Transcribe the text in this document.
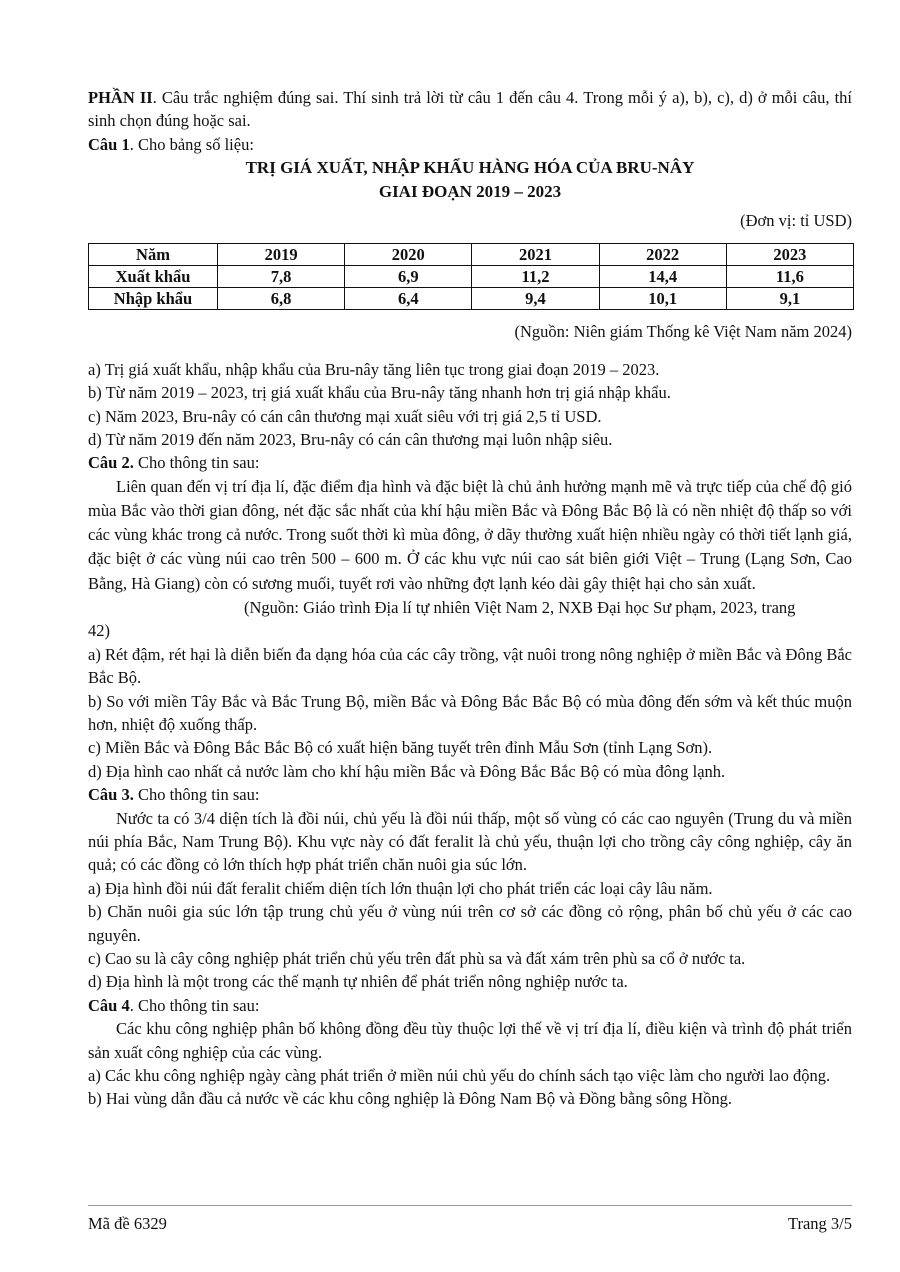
PHẦN II. Câu trắc nghiệm đúng sai. Thí sinh trả lời từ câu 1 đến câu 4. Trong mỗi ý a), b), c), d) ở mỗi câu, thí sinh chọn đúng hoặc sai.

Câu 1. Cho bảng số liệu:

TRỊ GIÁ XUẤT, NHẬP KHẨU HÀNG HÓA CỦA BRU-NÂY

GIAI ĐOẠN 2019 – 2023

(Đơn vị: tỉ USD)

Năm	2019	2020	2021	2022	2023
Xuất khẩu	7,8	6,9	11,2	14,4	11,6
Nhập khẩu	6,8	6,4	9,4	10,1	9,1

(Nguồn: Niên giám Thống kê Việt Nam năm 2024)

a) Trị giá xuất khẩu, nhập khẩu của Bru-nây tăng liên tục trong giai đoạn 2019 – 2023.

b) Từ năm 2019 – 2023, trị giá xuất khẩu của Bru-nây tăng nhanh hơn trị giá nhập khẩu.

c) Năm 2023, Bru-nây có cán cân thương mại xuất siêu với trị giá 2,5 tỉ USD.

d) Từ năm 2019 đến năm 2023, Bru-nây có cán cân thương mại luôn nhập siêu.

Câu 2. Cho thông tin sau:

Liên quan đến vị trí địa lí, đặc điểm địa hình và đặc biệt là chủ ảnh hưởng mạnh mẽ và trực tiếp của chế độ gió mùa Bắc vào thời gian đông, nét đặc sắc nhất của khí hậu miền Bắc và Đông Bắc Bộ là có nền nhiệt độ thấp so với các vùng khác trong cả nước. Trong suốt thời kì mùa đông, ở dãy thường xuất hiện nhiều ngày có thời tiết lạnh giá, đặc biệt ở các vùng núi cao trên 500 – 600 m. Ở các khu vực núi cao sát biên giới Việt – Trung (Lạng Sơn, Cao Bằng, Hà Giang) còn có sương muối, tuyết rơi vào những đợt lạnh kéo dài gây thiệt hại cho sản xuất.

(Nguồn: Giáo trình Địa lí tự nhiên Việt Nam 2, NXB Đại học Sư phạm, 2023, trang

42)

a) Rét đậm, rét hại là diễn biến đa dạng hóa của các cây trồng, vật nuôi trong nông nghiệp ở miền Bắc và Đông Bắc Bắc Bộ.

b) So với miền Tây Bắc và Bắc Trung Bộ, miền Bắc và Đông Bắc Bắc Bộ có mùa đông đến sớm và kết thúc muộn hơn, nhiệt độ xuống thấp.

c) Miền Bắc và Đông Bắc Bắc Bộ có xuất hiện băng tuyết trên đỉnh Mẫu Sơn (tỉnh Lạng Sơn).

d) Địa hình cao nhất cả nước làm cho khí hậu miền Bắc và Đông Bắc Bắc Bộ có mùa đông lạnh.

Câu 3. Cho thông tin sau:

Nước ta có 3/4 diện tích là đồi núi, chủ yếu là đồi núi thấp, một số vùng có các cao nguyên (Trung du và miền núi phía Bắc, Nam Trung Bộ). Khu vực này có đất feralit là chủ yếu, thuận lợi cho trồng cây công nghiệp, cây ăn quả; có các đồng cỏ lớn thích hợp phát triển chăn nuôi gia súc lớn.

a) Địa hình đồi núi đất feralit chiếm diện tích lớn thuận lợi cho phát triển các loại cây lâu năm.

b) Chăn nuôi gia súc lớn tập trung chủ yếu ở vùng núi trên cơ sở các đồng cỏ rộng, phân bố chủ yếu ở các cao nguyên.

c) Cao su là cây công nghiệp phát triển chủ yếu trên đất phù sa và đất xám trên phù sa cổ ở nước ta.

d) Địa hình là một trong các thế mạnh tự nhiên để phát triển nông nghiệp nước ta.

Câu 4. Cho thông tin sau:

Các khu công nghiệp phân bố không đồng đều tùy thuộc lợi thế về vị trí địa lí, điều kiện và trình độ phát triển sản xuất công nghiệp của các vùng.

a) Các khu công nghiệp ngày càng phát triển ở miền núi chủ yếu do chính sách tạo việc làm cho người lao động.

b) Hai vùng dẫn đầu cả nước về các khu công nghiệp là Đông Nam Bộ và Đồng bằng sông Hồng.

Mã đề 6329	Trang 3/5
